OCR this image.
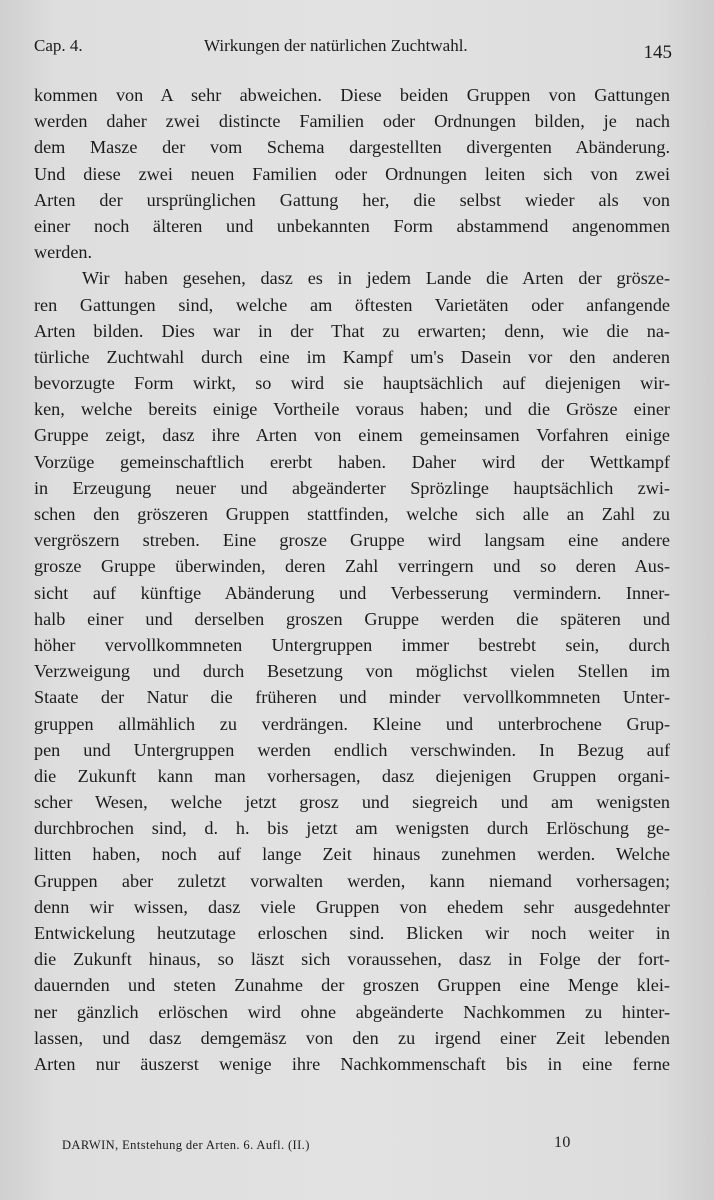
Cap. 4.	Wirkungen der natürlichen Zuchtwahl.	145
kommen von A sehr abweichen. Diese beiden Gruppen von Gattungen
werden daher zwei distincte Familien oder Ordnungen bilden, je nach
dem Masze der vom Schema dargestellten divergenten Abänderung.
Und diese zwei neuen Familien oder Ordnungen leiten sich von zwei
Arten der ursprünglichen Gattung her, die selbst wieder als von
einer noch älteren und unbekannten Form abstammend angenommen
werden.
Wir haben gesehen, dasz es in jedem Lande die Arten der grösze-
ren Gattungen sind, welche am öftesten Varietäten oder anfangende
Arten bilden. Dies war in der That zu erwarten; denn, wie die na-
türliche Zuchtwahl durch eine im Kampf um's Dasein vor den anderen
bevorzugte Form wirkt, so wird sie hauptsächlich auf diejenigen wir-
ken, welche bereits einige Vortheile voraus haben; und die Grösze einer
Gruppe zeigt, dasz ihre Arten von einem gemeinsamen Vorfahren einige
Vorzüge gemeinschaftlich ererbt haben. Daher wird der Wettkampf
in Erzeugung neuer und abgeänderter Sprözlinge hauptsächlich zwi-
schen den gröszeren Gruppen stattfinden, welche sich alle an Zahl zu
vergröszern streben. Eine grosze Gruppe wird langsam eine andere
grosze Gruppe überwinden, deren Zahl verringern und so deren Aus-
sicht auf künftige Abänderung und Verbesserung vermindern. Inner-
halb einer und derselben groszen Gruppe werden die späteren und
höher vervollkommneten Untergruppen immer bestrebt sein, durch
Verzweigung und durch Besetzung von möglichst vielen Stellen im
Staate der Natur die früheren und minder vervollkommneten Unter-
gruppen allmählich zu verdrängen. Kleine und unterbrochene Grup-
pen und Untergruppen werden endlich verschwinden. In Bezug auf
die Zukunft kann man vorhersagen, dasz diejenigen Gruppen organi-
scher Wesen, welche jetzt grosz und siegreich und am wenigsten
durchbrochen sind, d. h. bis jetzt am wenigsten durch Erlöschung ge-
litten haben, noch auf lange Zeit hinaus zunehmen werden. Welche
Gruppen aber zuletzt vorwalten werden, kann niemand vorhersagen;
denn wir wissen, dasz viele Gruppen von ehedem sehr ausgedehnter
Entwickelung heutzutage erloschen sind. Blicken wir noch weiter in
die Zukunft hinaus, so läszt sich voraussehen, dasz in Folge der fort-
dauernden und steten Zunahme der groszen Gruppen eine Menge klei-
ner gänzlich erlöschen wird ohne abgeänderte Nachkommen zu hinter-
lassen, und dasz demgemäsz von den zu irgend einer Zeit lebenden
Arten nur äuszerst wenige ihre Nachkommenschaft bis in eine ferne
DARWIN, Entstehung der Arten. 6. Aufl. (II.)	10
